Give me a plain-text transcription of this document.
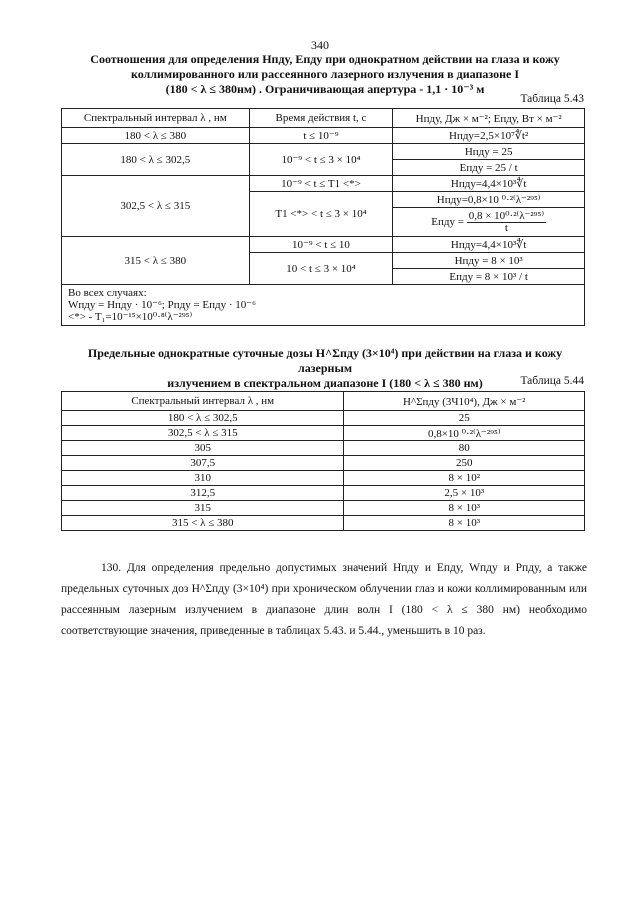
340
Соотношения для определения Нпду, Епду при однократном действии на глаза и кожу
коллимированного или рассеянного лазерного излучения в диапазоне I
(180 < λ ≤ 380нм) . Ограничивающая апертура - 1,1 · 10⁻³ м
Таблица 5.43
Спектральный интервал λ , нм	Время действия t, с	Нпду, Дж × м⁻²; Епду, Вт × м⁻²
180 < λ ≤ 380	t ≤ 10⁻⁹	Hпду=2,5×10⁷∜t²
180 < λ ≤ 302,5	10⁻⁹ < t ≤ 3 × 10⁴	Hпду = 25
		Eпду = 25 / t
302,5 < λ ≤ 315	10⁻⁹ < t ≤ T1 <*>	Hпду=4,4×10³∜t
	T1 <*> < t ≤ 3 × 10⁴	Hпду=0,8×10 ⁰·²⁽λ⁻²⁹⁵⁾
		Eпду = $\frac{\text{0,8 × 10⁰·²⁽λ⁻²⁹⁵⁾}}{t}$
315 < λ ≤ 380	10⁻⁹ < t ≤ 10	Hпду=4,4×10³∜t
	10 < t ≤ 3 × 10⁴	Нпду = 8 × 10³
		Епду = 8 × 10³ / t

Во всех случаях:
Wпду = Hпду · 10⁻⁶; Pпду = Eпду · 10⁻⁶
<*> - T₁=10⁻¹⁵×10⁰·⁸⁽λ⁻²⁹⁵⁾		
Предельные однократные суточные дозы H^Σпду (3×10⁴) при действии на глаза и кожу лазерным
излучением в спектральном диапазоне I (180 < λ ≤ 380 нм)	Таблица 5.44
Спектральный интервал λ , нм	H^Σпду (3Ч10⁴), Дж × м⁻²
180 < λ ≤ 302,5	25
302,5 < λ ≤ 315	0,8×10 ⁰·²⁽λ⁻²⁹⁵⁾
305	80
307,5	250
310	8 × 10²
312,5	2,5 × 10³
315	8 × 10³
315 < λ ≤ 380	8 × 10³

130. Для определения предельно допустимых значений Нпду и Епду, Wпду и Рпду, а также предельных суточных доз H^Σпду (3×10⁴) при хроническом облучении глаз и кожи коллимированным или рассеянным лазерным излучением в диапазоне длин волн I (180 < λ ≤ 380 нм) необходимо соответствующие значения, приведенные в таблицах 5.43. и 5.44., уменьшить в 10 раз.
